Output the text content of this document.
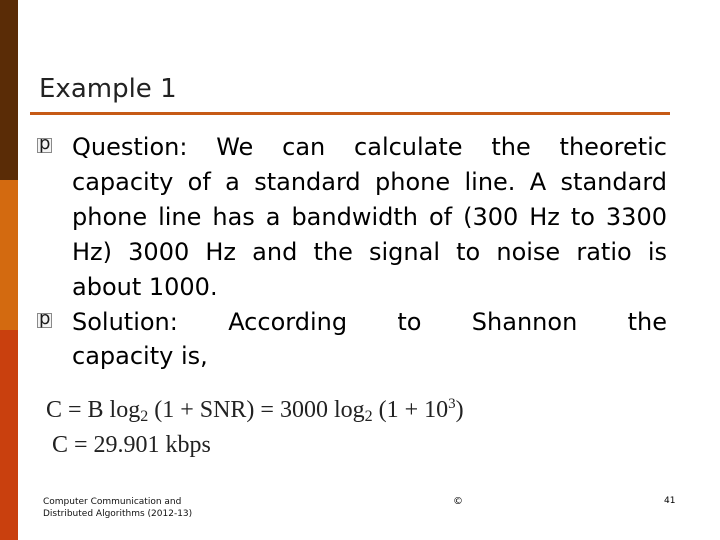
Example 1
p
Question: We can calculate the theoretic capacity of a standard phone line. A standard phone line has a bandwidth of (300 Hz to 3300 Hz) 3000 Hz and the signal to noise ratio is about 1000.
p
Solution: According to Shannon the
capacity is,
C = B $\log_2 (1 + SNR) = 3000$ $\log_2 (1 + 10^3)$
C = 29.901 kbps
Computer Communication and Distributed Algorithms (2012-13)
©	41
